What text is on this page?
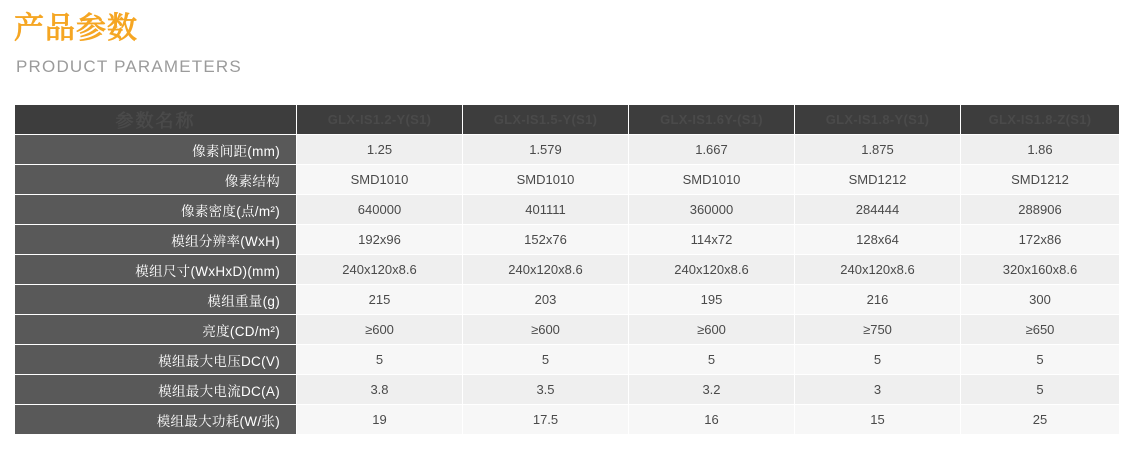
产品参数
PRODUCT PARAMETERS
参数名称	GLX-IS1.2-Y(S1)	GLX-IS1.5-Y(S1)	GLX-IS1.6Y-(S1)	GLX-IS1.8-Y(S1)	GLX-IS1.8-Z(S1)
像素间距(mm)	1.25	1.579	1.667	1.875	1.86
像素结构	SMD1010	SMD1010	SMD1010	SMD1212	SMD1212
像素密度(点/m²)	640000	401111	360000	284444	288906
模组分辨率(WxH)	192x96	152x76	114x72	128x64	172x86
模组尺寸(WxHxD)(mm)	240x120x8.6	240x120x8.6	240x120x8.6	240x120x8.6	320x160x8.6
模组重量(g)	215	203	195	216	300
亮度(CD/m²)	≥600	≥600	≥600	≥750	≥650
模组最大电压DC(V)	5	5	5	5	5
模组最大电流DC(A)	3.8	3.5	3.2	3	5
模组最大功耗(W/张)	19	17.5	16	15	25
